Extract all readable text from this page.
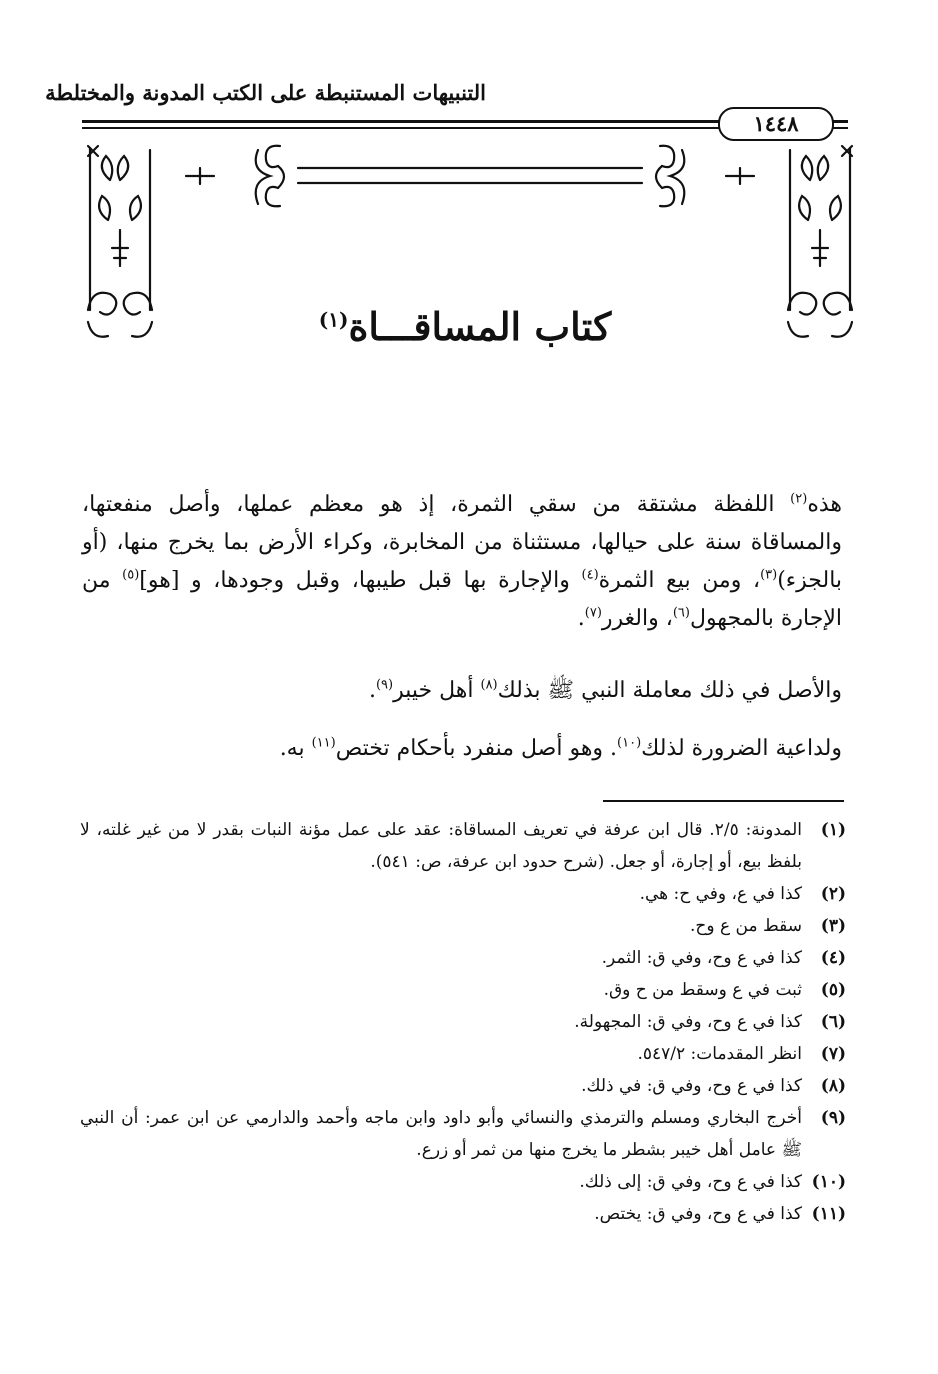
التنبيهات المستنبطة على الكتب المدونة والمختلطة
١٤٤٨
كتاب المساقـــاة$^{(١)}$

هذه$^{(٢)}$ اللفظة مشتقة من سقي الثمرة، إذ هو معظم عملها، وأصل منفعتها، والمساقاة سنة على حيالها، مستثناة من المخابرة، وكراء الأرض بما يخرج منها، (أو بالجزء)$^{(٣)}$، ومن بيع الثمرة$^{(٤)}$ والإجارة بها قبل طيبها، وقبل وجودها، و [هو]$^{(٥)}$ من الإجارة بالمجهول$^{(٦)}$، والغرر$^{(٧)}$.

والأصل في ذلك معاملة النبي ﷺ بذلك$^{(٨)}$ أهل خيبر$^{(٩)}$.

ولداعية الضرورة لذلك$^{(١٠)}$. وهو أصل منفرد بأحكام تختص$^{(١١)}$ به.

(١)
المدونة: ٢/٥. قال ابن عرفة في تعريف المساقاة: عقد على عمل مؤنة النبات بقدر لا من غير غلته، لا بلفظ بيع، أو إجارة، أو جعل. (شرح حدود ابن عرفة، ص: ٥٤١).
(٢)
كذا في ع، وفي ح: هي.
(٣)
سقط من ع وح.
(٤)
كذا في ع وح، وفي ق: الثمر.
(٥)
ثبت في ع وسقط من ح وق.
(٦)
كذا في ع وح، وفي ق: المجهولة.
(٧)
انظر المقدمات: ٥٤٧/٢.
(٨)
كذا في ع وح، وفي ق: في ذلك.
(٩)
أخرج البخاري ومسلم والترمذي والنسائي وأبو داود وابن ماجه وأحمد والدارمي عن ابن عمر: أن النبي ﷺ عامل أهل خيبر بشطر ما يخرج منها من ثمر أو زرع.
(١٠)
كذا في ع وح، وفي ق: إلى ذلك.
(١١)
كذا في ع وح، وفي ق: يختص.
